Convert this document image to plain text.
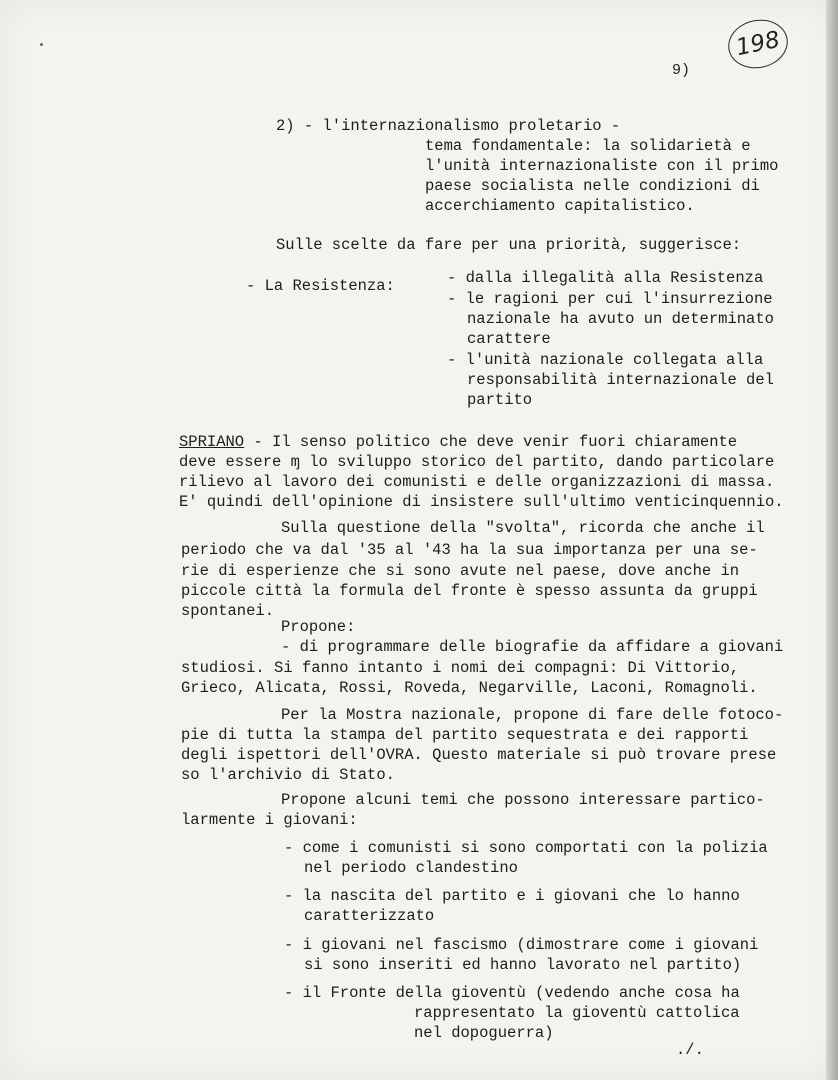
198
9)
2) - l'internazionalismo proletario -
tema fondamentale: la solidarietà e
l'unità internazionaliste con il primo
paese socialista nelle condizioni di
accerchiamento capitalistico.
Sulle scelte da fare per una priorità, suggerisce:
- La Resistenza:	- dalla illegalità alla Resistenza
- le ragioni per cui l'insurrezione
nazionale ha avuto un determinato
carattere
- l'unità nazionale collegata alla
responsabilità internazionale del
partito
SPRIANO - Il senso politico che deve venir fuori chiaramente
deve essere ɱ lo sviluppo storico del partito, dando particolare
rilievo al lavoro dei comunisti e delle organizzazioni di massa.
E' quindi dell'opinione di insistere sull'ultimo venticinquennio.
Sulla questione della "svolta", ricorda che anche il
periodo che va dal '35 al '43 ha la sua importanza per una se-
rie di esperienze che si sono avute nel paese, dove anche in
piccole città la formula del fronte è spesso assunta da gruppi
spontanei.
Propone:
- di programmare delle biografie da affidare a giovani
studiosi. Si fanno intanto i nomi dei compagni: Di Vittorio,
Grieco, Alicata, Rossi, Roveda, Negarville, Laconi, Romagnoli.
Per la Mostra nazionale, propone di fare delle fotoco-
pie di tutta la stampa del partito sequestrata e dei rapporti
degli ispettori dell'OVRA. Questo materiale si può trovare prese
so l'archivio di Stato.
Propone alcuni temi che possono interessare partico-
larmente i giovani:
- come i comunisti si sono comportati con la polizia
nel periodo clandestino
- la nascita del partito e i giovani che lo hanno
caratterizzato
- i giovani nel fascismo (dimostrare come i giovani
si sono inseriti ed hanno lavorato nel partito)
- il Fronte della gioventù (vedendo anche cosa ha
rappresentato la gioventù cattolica
nel dopoguerra)
./.
